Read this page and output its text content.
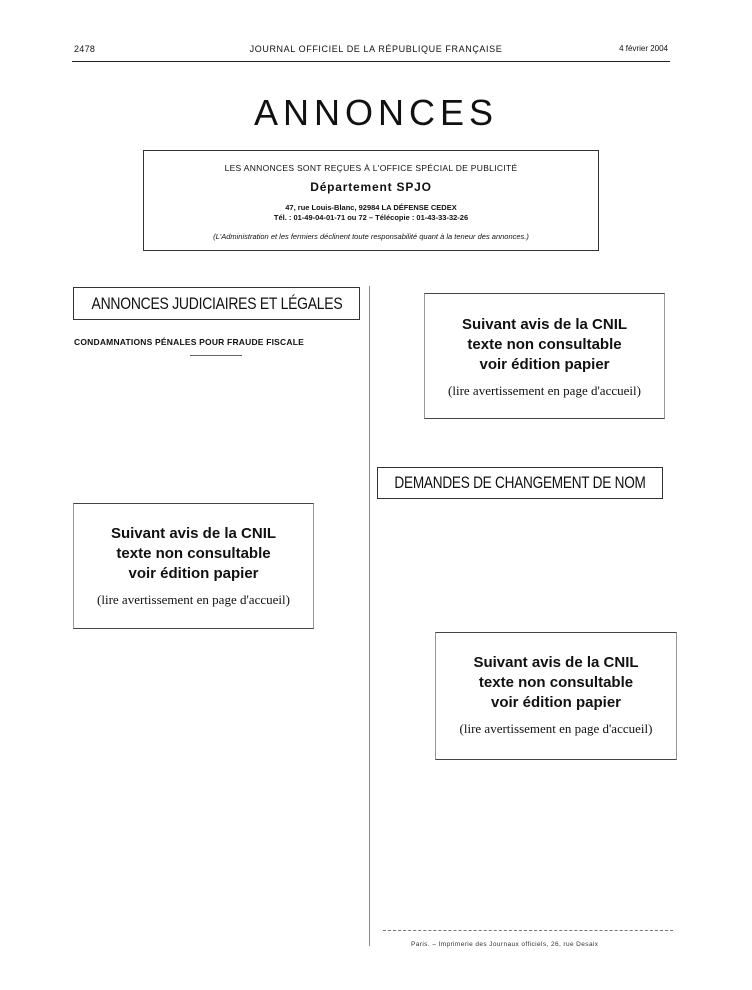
2478	JOURNAL OFFICIEL DE LA RÉPUBLIQUE FRANÇAISE	4 février 2004
ANNONCES
LES ANNONCES SONT REÇUES À L'OFFICE SPÉCIAL DE PUBLICITÉ
Département SPJO
47, rue Louis-Blanc, 92984 LA DÉFENSE CEDEX
Tél. : 01-49-04-01-71 ou 72 – Télécopie : 01-43-33-32-26
(L'Administration et les fermiers déclinent toute responsabilité quant à la teneur des annonces.)
ANNONCES JUDICIAIRES ET LÉGALES
CONDAMNATIONS PÉNALES POUR FRAUDE FISCALE
Suivant avis de la CNIL
texte non consultable
voir édition papier
(lire avertissement en page d'accueil)
DEMANDES DE CHANGEMENT DE NOM
Suivant avis de la CNIL
texte non consultable
voir édition papier
(lire avertissement en page d'accueil)
Suivant avis de la CNIL
texte non consultable
voir édition papier
(lire avertissement en page d'accueil)
Paris. – Imprimerie des Journaux officiels, 26, rue Desaix
